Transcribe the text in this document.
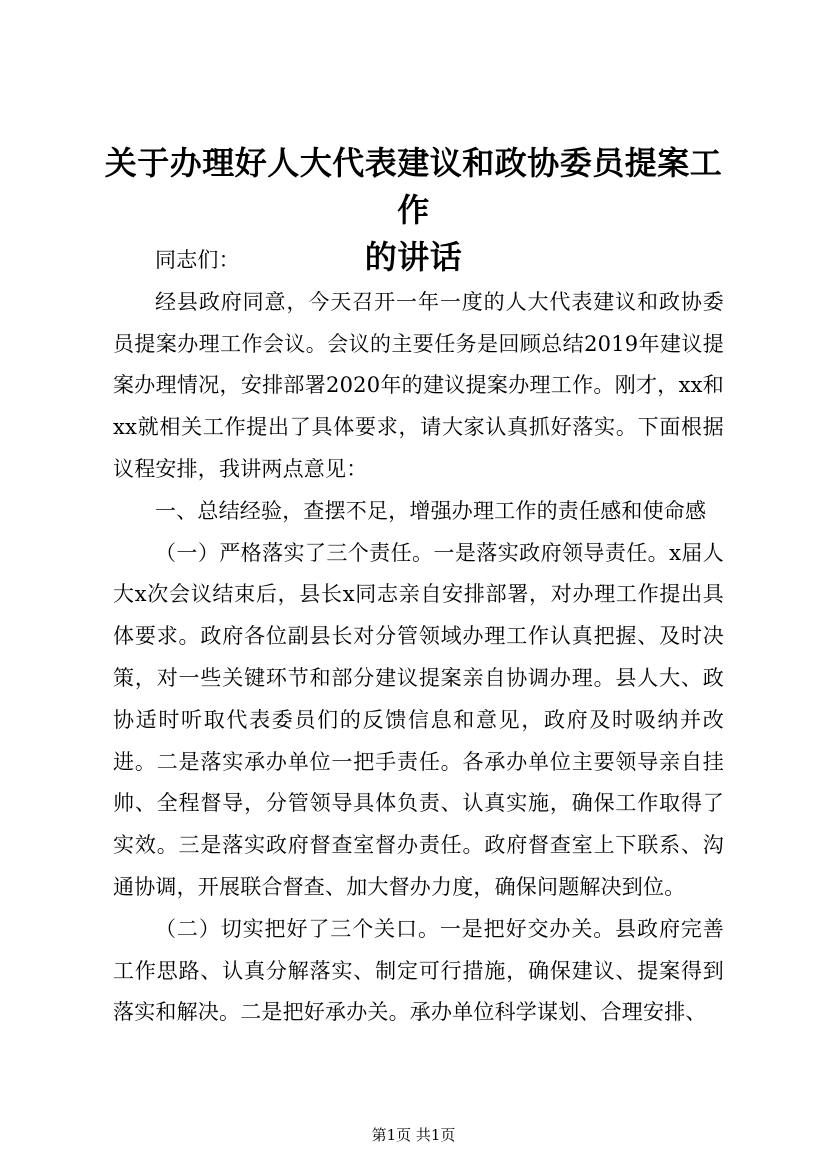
关于办理好人大代表建议和政协委员提案工作
的讲话

同志们：

经县政府同意，今天召开一年一度的人大代表建议和政协委员提案办理工作会议。会议的主要任务是回顾总结2019年建议提案办理情况，安排部署2020年的建议提案办理工作。刚才，xx和xx就相关工作提出了具体要求，请大家认真抓好落实。下面根据议程安排，我讲两点意见：

一、总结经验，查摆不足，增强办理工作的责任感和使命感

（一）严格落实了三个责任。一是落实政府领导责任。x届人大x次会议结束后，县长x同志亲自安排部署，对办理工作提出具体要求。政府各位副县长对分管领域办理工作认真把握、及时决策，对一些关键环节和部分建议提案亲自协调办理。县人大、政协适时听取代表委员们的反馈信息和意见，政府及时吸纳并改进。二是落实承办单位一把手责任。各承办单位主要领导亲自挂帅、全程督导，分管领导具体负责、认真实施，确保工作取得了实效。三是落实政府督查室督办责任。政府督查室上下联系、沟通协调，开展联合督查、加大督办力度，确保问题解决到位。

（二）切实把好了三个关口。一是把好交办关。县政府完善工作思路、认真分解落实、制定可行措施，确保建议、提案得到落实和解决。二是把好承办关。承办单位科学谋划、合理安排、

第1页 共1页
